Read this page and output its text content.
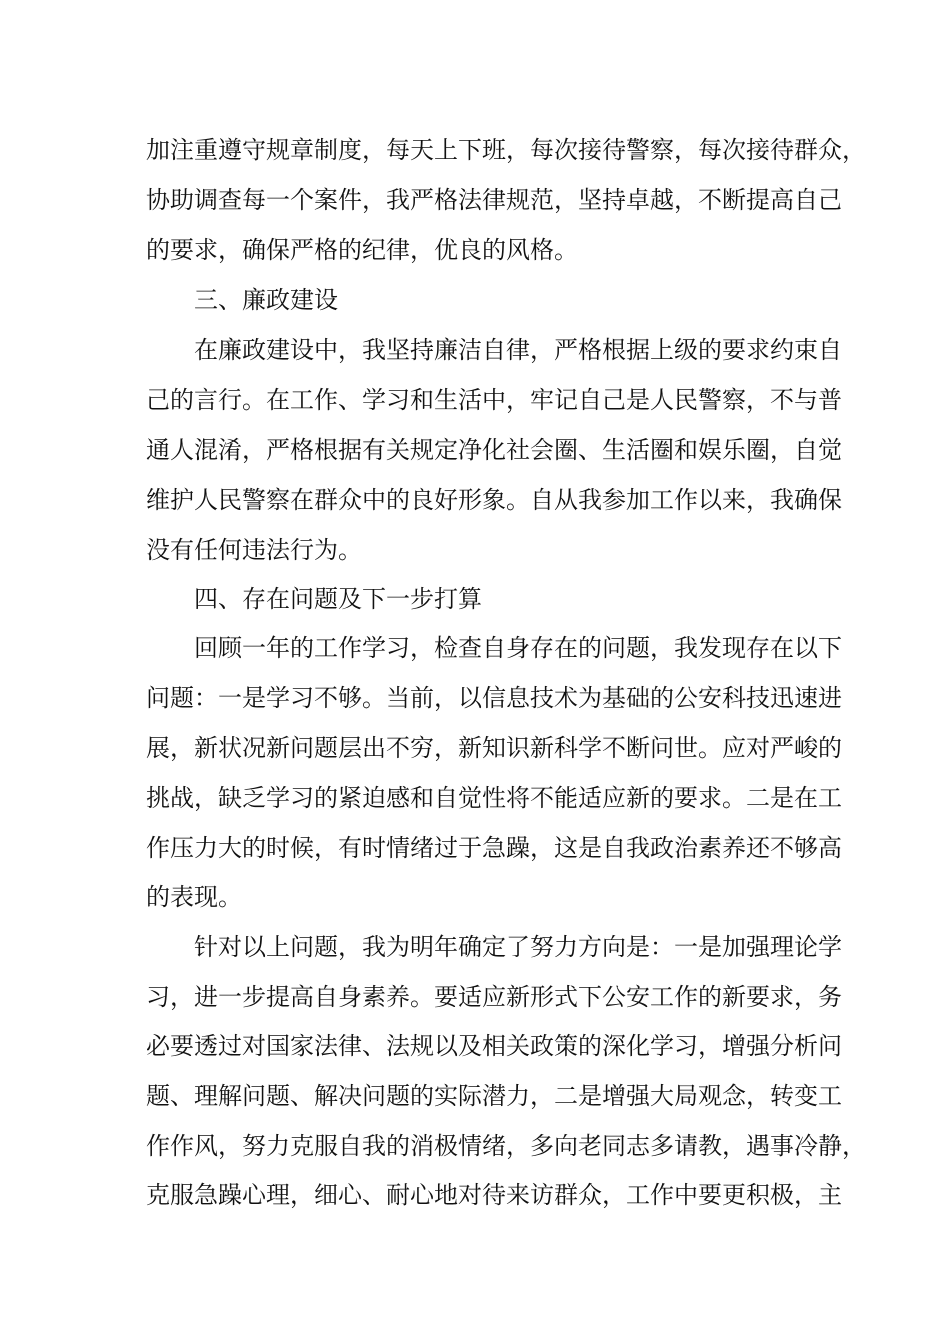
加注重遵守规章制度，每天上下班，每次接待警察，每次接待群众，
协助调查每一个案件，我严格法律规范，坚持卓越，不断提高自己
的要求，确保严格的纪律，优良的风格。
三、廉政建设
在廉政建设中，我坚持廉洁自律，严格根据上级的要求约束自
己的言行。在工作、学习和生活中，牢记自己是人民警察，不与普
通人混淆，严格根据有关规定净化社会圈、生活圈和娱乐圈，自觉
维护人民警察在群众中的良好形象。自从我参加工作以来，我确保
没有任何违法行为。
四、存在问题及下一步打算
回顾一年的工作学习，检查自身存在的问题，我发现存在以下
问题：一是学习不够。当前，以信息技术为基础的公安科技迅速进
展，新状况新问题层出不穷，新知识新科学不断问世。应对严峻的
挑战，缺乏学习的紧迫感和自觉性将不能适应新的要求。二是在工
作压力大的时候，有时情绪过于急躁，这是自我政治素养还不够高
的表现。
针对以上问题，我为明年确定了努力方向是：一是加强理论学
习，进一步提高自身素养。要适应新形式下公安工作的新要求，务
必要透过对国家法律、法规以及相关政策的深化学习，增强分析问
题、理解问题、解决问题的实际潜力，二是增强大局观念，转变工
作作风，努力克服自我的消极情绪，多向老同志多请教，遇事冷静，
克服急躁心理，细心、耐心地对待来访群众，工作中要更积极，主
